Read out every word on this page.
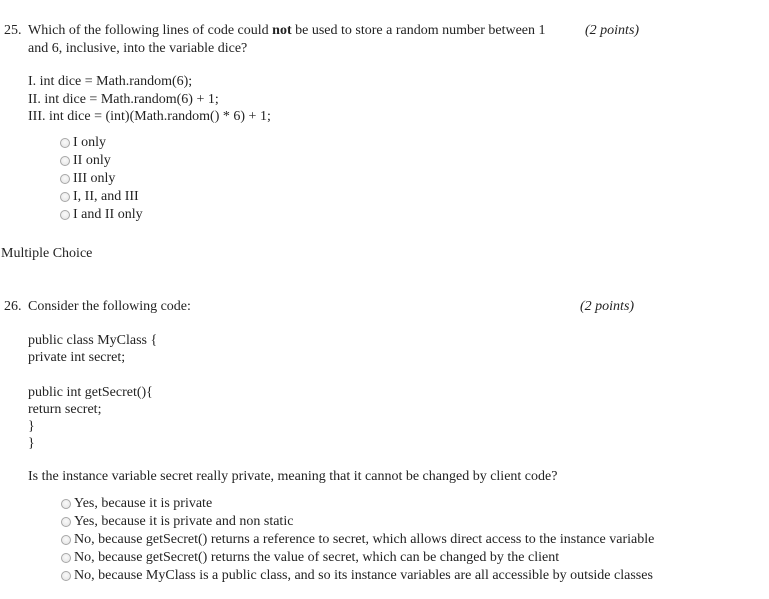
25. Which of the following lines of code could not be used to store a random number between 1	(2 points)
and 6, inclusive, into the variable dice?
I. int dice = Math.random(6);
II. int dice = Math.random(6) + 1;
III. int dice = (int)(Math.random() * 6) + 1;
I only
II only
III only
I, II, and III
I and II only
Multiple Choice
26. Consider the following code:	(2 points)
public class MyClass {
private int secret;
public int getSecret(){
return secret;
}
}
Is the instance variable secret really private, meaning that it cannot be changed by client code?
Yes, because it is private
Yes, because it is private and non static
No, because getSecret() returns a reference to secret, which allows direct access to the instance variable
No, because getSecret() returns the value of secret, which can be changed by the client
No, because MyClass is a public class, and so its instance variables are all accessible by outside classes
